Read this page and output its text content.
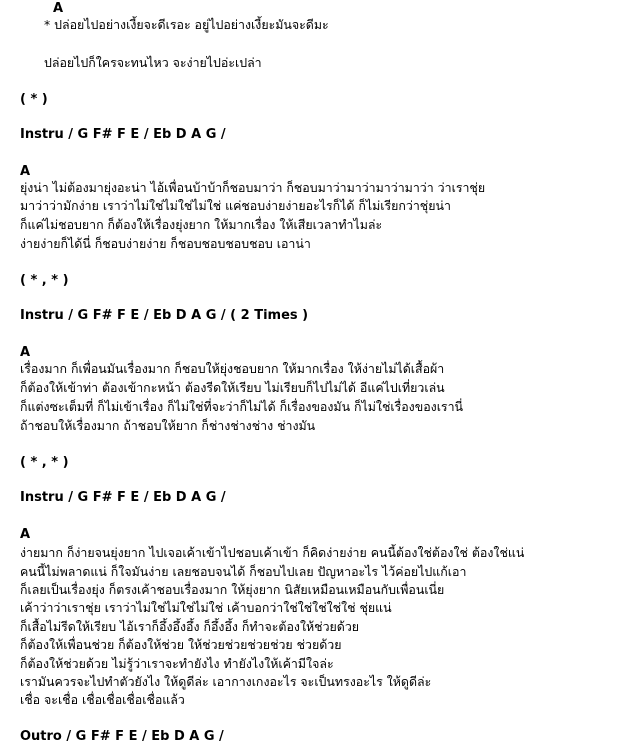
A
* ปล่อยไปอย่างเงี้ยจะดีเรอะ อยู่ไปอย่างเงี้ยะมันจะดีมะ
ปล่อยไปก็ใครจะทนไหว จะง่ายไปอ่ะเปล่า
( * )
Instru / G F# F E / Eb D A G /
A
ยุ่งน่า ไม่ต้องมายุ่งอะน่า ไอ้เพื่อนบ้าบ้าก็ชอบมาว่า ก็ชอบมาว่ามาว่ามาว่ามาว่า ว่าเราชุ่ย
มาว่าว่ามักง่าย เราว่าไม่ใช่ไม่ใช่ไม่ใช่ แค่ชอบง่ายง่ายอะไรก็ได้ ก็ไม่เรียกว่าชุ่ยน่า
ก็แค่ไม่ชอบยาก ก็ต้องให้เรื่องยุ่งยาก ให้มากเรื่อง ให้เสียเวลาทำไมล่ะ
ง่ายง่ายก็ได้นี่ ก็ชอบง่ายง่าย ก็ชอบชอบชอบชอบ เอาน่า
( * , * )
Instru / G F# F E / Eb D A G / ( 2 Times )
A
เรื่องมาก ก็เพื่อนมันเรื่องมาก ก็ชอบให้ยุ่งชอบยาก ให้มากเรื่อง ให้ง่ายไม่ได้เสื้อผ้า
ก็ต้องให้เข้าท่า ต้องเข้ากะหน้า ต้องรีดให้เรียบ ไม่เรียบก็ไปไม่ได้ อีแค่ไปเที่ยวเล่น
ก็แต่งซะเต็มที่ ก็ไม่เข้าเรื่อง ก็ไม่ใช่ที่จะว่าก็ไม่ได้ ก็เรื่องของมัน ก็ไม่ใช่เรื่องของเรานี่
ถ้าชอบให้เรื่องมาก ถ้าชอบให้ยาก ก็ช่างช่างช่าง ช่างมัน
( * , * )
Instru / G F# F E / Eb D A G /
A
ง่ายมาก ก็ง่ายจนยุ่งยาก ไปเจอเค้าเข้าไปชอบเค้าเข้า ก็คิดง่ายง่าย คนนี้ต้องใช่ต้องใช่ ต้องใช่แน่
คนนี้ไม่พลาดแน่ ก็ใจมันง่าย เลยชอบจนได้ ก็ชอบไปเลย ปัญหาอะไร ไว้ค่อยไปแก้เอา
ก็เลยเป็นเรื่องยุ่ง ก็ตรงเค้าชอบเรื่องมาก ให้ยุ่งยาก นิสัยเหมือนเหมือนกับเพื่อนเนี่ย
เค้าว่าว่าเราชุ่ย เราว่าไม่ใช่ไม่ใช่ไม่ใช่ เค้าบอกว่าใช่ใช่ใช่ใช่ใช่ ชุ่ยแน่
ก็เสื้อไม่รีดให้เรียบ ไอ้เราก็อึ้งอึ้งอึ้ง ก็อึ้งอึ้ง ก็ทำจะต้องให้ช่วยด้วย
ก็ต้องให้เพื่อนช่วย ก็ต้องให้ช่วย ให้ช่วยช่วยช่วยช่วย ช่วยด้วย
ก็ต้องให้ช่วยด้วย ไม่รู้ว่าเราจะทำยังไง ทำยังไงให้เค้ามีใจล่ะ
เรามันควรจะไปทำตัวยังไง ให้ดูดีล่ะ เอากางเกงอะไร จะเป็นทรงอะไร ให้ดูดีล่ะ
เชื่อ จะเชื่อ เชื่อเชื่อเชื่อเชื่อแล้ว
Outro / G F# F E / Eb D A G /
